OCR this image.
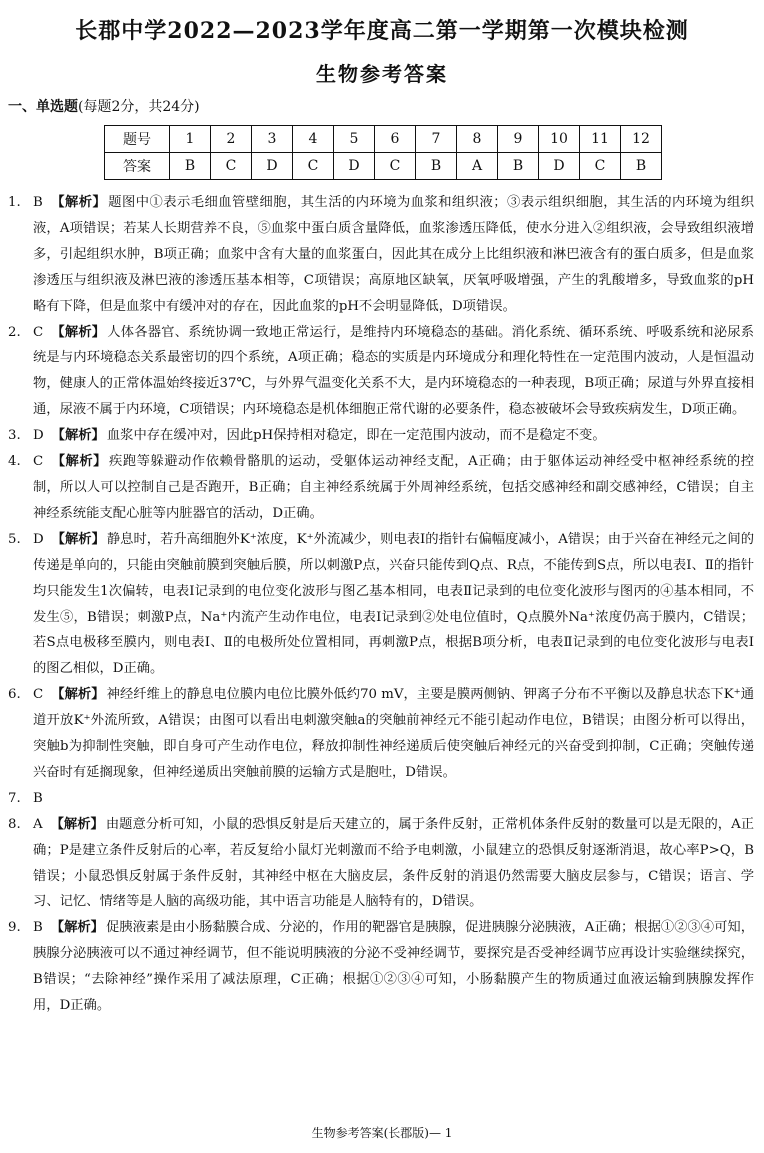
长郡中学2022—2023学年度高二第一学期第一次模块检测
生物参考答案
一、单选题(每题2分，共24分)
题号	1	2	3	4	5	6	7	8	9	10	11	12
答案	B	C	D	C	D	C	B	A	B	D	C	B

1. B 【解析】 题图中①表示毛细血管壁细胞，其生活的内环境为血浆和组织液；③表示组织细胞，其生活的内环境为组织液，A项错误；若某人长期营养不良，⑤血浆中蛋白质含量降低，血浆渗透压降低，使水分进入②组织液，会导致组织液增多，引起组织水肿，B项正确；血浆中含有大量的血浆蛋白，因此其在成分上比组织液和淋巴液含有的蛋白质多，但是血浆渗透压与组织液及淋巴液的渗透压基本相等，C项错误；高原地区缺氧，厌氧呼吸增强，产生的乳酸增多，导致血浆的pH略有下降，但是血浆中有缓冲对的存在，因此血浆的pH不会明显降低，D项错误。

2. C 【解析】 人体各器官、系统协调一致地正常运行，是维持内环境稳态的基础。消化系统、循环系统、呼吸系统和泌尿系统是与内环境稳态关系最密切的四个系统，A项正确；稳态的实质是内环境成分和理化特性在一定范围内波动，人是恒温动物，健康人的正常体温始终接近37℃，与外界气温变化关系不大，是内环境稳态的一种表现，B项正确；尿道与外界直接相通，尿液不属于内环境，C项错误；内环境稳态是机体细胞正常代谢的必要条件，稳态被破坏会导致疾病发生，D项正确。

3. D 【解析】 血浆中存在缓冲对，因此pH保持相对稳定，即在一定范围内波动，而不是稳定不变。

4. C 【解析】 疾跑等躲避动作依赖骨骼肌的运动，受躯体运动神经支配，A正确；由于躯体运动神经受中枢神经系统的控制，所以人可以控制自己是否跑开，B正确；自主神经系统属于外周神经系统，包括交感神经和副交感神经，C错误；自主神经系统能支配心脏等内脏器官的活动，D正确。

5. D 【解析】 静息时，若升高细胞外K⁺浓度，K⁺外流减少，则电表Ⅰ的指针右偏幅度减小，A错误；由于兴奋在神经元之间的传递是单向的，只能由突触前膜到突触后膜，所以刺激P点，兴奋只能传到Q点、R点，不能传到S点，所以电表Ⅰ、Ⅱ的指针均只能发生1次偏转，电表Ⅰ记录到的电位变化波形与图乙基本相同，电表Ⅱ记录到的电位变化波形与图丙的④基本相同，不发生⑤，B错误；刺激P点，Na⁺内流产生动作电位，电表Ⅰ记录到②处电位值时，Q点膜外Na⁺浓度仍高于膜内，C错误；若S点电极移至膜内，则电表Ⅰ、Ⅱ的电极所处位置相同，再刺激P点，根据B项分析，电表Ⅱ记录到的电位变化波形与电表Ⅰ的图乙相似，D正确。

6. C 【解析】 神经纤维上的静息电位膜内电位比膜外低约70 mV，主要是膜两侧钠、钾离子分布不平衡以及静息状态下K⁺通道开放K⁺外流所致，A错误；由图可以看出电刺激突触a的突触前神经元不能引起动作电位，B错误；由图分析可以得出，突触b为抑制性突触，即自身可产生动作电位，释放抑制性神经递质后使突触后神经元的兴奋受到抑制，C正确；突触传递兴奋时有延搁现象，但神经递质出突触前膜的运输方式是胞吐，D错误。

7. B

8. A 【解析】 由题意分析可知，小鼠的恐惧反射是后天建立的，属于条件反射，正常机体条件反射的数量可以是无限的，A正确；P是建立条件反射后的心率，若反复给小鼠灯光刺激而不给予电刺激，小鼠建立的恐惧反射逐渐消退，故心率P>Q，B错误；小鼠恐惧反射属于条件反射，其神经中枢在大脑皮层，条件反射的消退仍然需要大脑皮层参与，C错误；语言、学习、记忆、情绪等是人脑的高级功能，其中语言功能是人脑特有的，D错误。

9. B 【解析】 促胰液素是由小肠黏膜合成、分泌的，作用的靶器官是胰腺，促进胰腺分泌胰液，A正确；根据①②③④可知，胰腺分泌胰液可以不通过神经调节，但不能说明胰液的分泌不受神经调节，要探究是否受神经调节应再设计实验继续探究，B错误；“去除神经”操作采用了减法原理，C正确；根据①②③④可知，小肠黏膜产生的物质通过血液运输到胰腺发挥作用，D正确。

生物参考答案(长郡版)— 1
